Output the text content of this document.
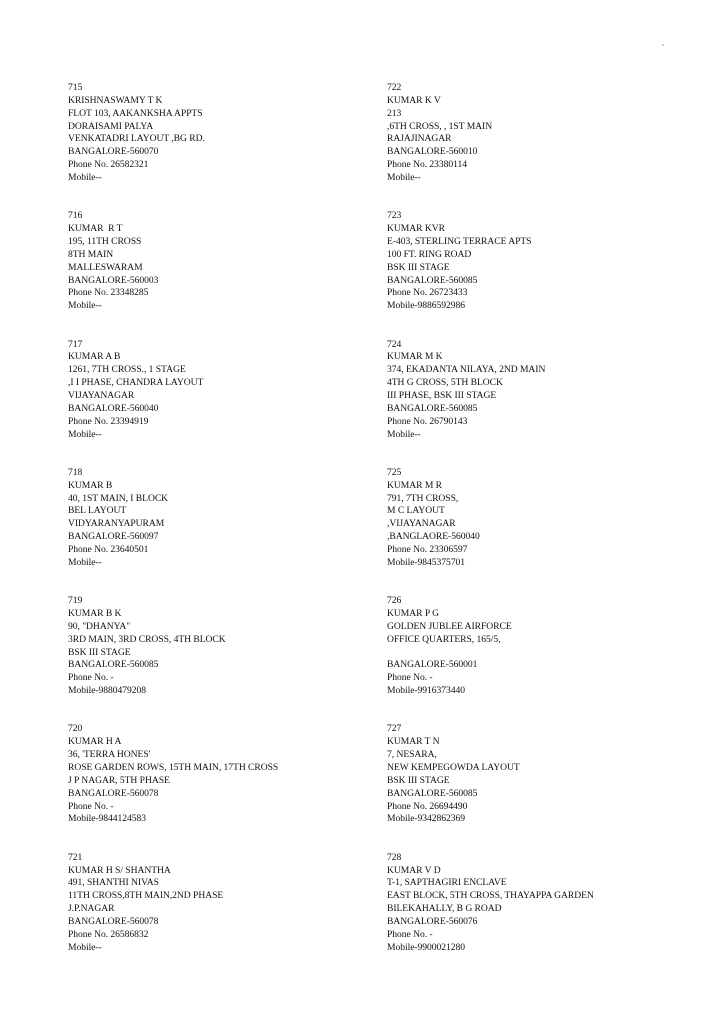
715
KRISHNASWAMY T K
FLOT 103, AAKANKSHA APPTS
DORAISAMI PALYA
VENKATADRI LAYOUT ,BG RD.
BANGALORE-560070
Phone No. 26582321
Mobile--
716
KUMAR  R T
195, 11TH CROSS
8TH MAIN
MALLESWARAM
BANGALORE-560003
Phone No. 23348285
Mobile--
717
KUMAR A B
1261, 7TH CROSS., 1 STAGE
,I I PHASE, CHANDRA LAYOUT
VIJAYANAGAR
BANGALORE-560040
Phone No. 23394919
Mobile--
718
KUMAR B
40, 1ST MAIN, I BLOCK
BEL LAYOUT
VIDYARANYAPURAM
BANGALORE-560097
Phone No. 23640501
Mobile--
719
KUMAR B K
90, "DHANYA"
3RD MAIN, 3RD CROSS, 4TH BLOCK
BSK III STAGE
BANGALORE-560085
Phone No. -
Mobile-9880479208
720
KUMAR H A
36, 'TERRA HONES'
ROSE GARDEN ROWS, 15TH MAIN, 17TH CROSS
J P NAGAR, 5TH PHASE
BANGALORE-560078
Phone No. -
Mobile-9844124583
721
KUMAR H S/ SHANTHA
491, SHANTHI NIVAS
11TH CROSS,8TH MAIN,2ND PHASE
J.P.NAGAR
BANGALORE-560078
Phone No. 26586832
Mobile--
722
KUMAR K V
213
,6TH CROSS, , 1ST MAIN
RAJAJINAGAR
BANGALORE-560010
Phone No. 23380114
Mobile--
723
KUMAR KVR
E-403, STERLING TERRACE APTS
100 FT. RING ROAD
BSK III STAGE
BANGALORE-560085
Phone No. 26723433
Mobile-9886592986
724
KUMAR M K
374, EKADANTA NILAYA, 2ND MAIN
4TH G CROSS, 5TH BLOCK
III PHASE, BSK III STAGE
BANGALORE-560085
Phone No. 26790143
Mobile--
725
KUMAR M R
791, 7TH CROSS,
M C LAYOUT
,VIJAYANAGAR
,BANGLAORE-560040
Phone No. 23306597
Mobile-9845375701
726
KUMAR P G
GOLDEN JUBLEE AIRFORCE
OFFICE QUARTERS, 165/5,
BANGALORE-560001
Phone No. -
Mobile-9916373440
727
KUMAR T N
7, NESARA,
NEW KEMPEGOWDA LAYOUT
BSK III STAGE
BANGALORE-560085
Phone No. 26694490
Mobile-9342862369
728
KUMAR V D
T-1, SAPTHAGIRI ENCLAVE
EAST BLOCK, 5TH CROSS, THAYAPPA GARDEN
BILEKAHALLY, B G ROAD
BANGALORE-560076
Phone No. -
Mobile-9900021280
